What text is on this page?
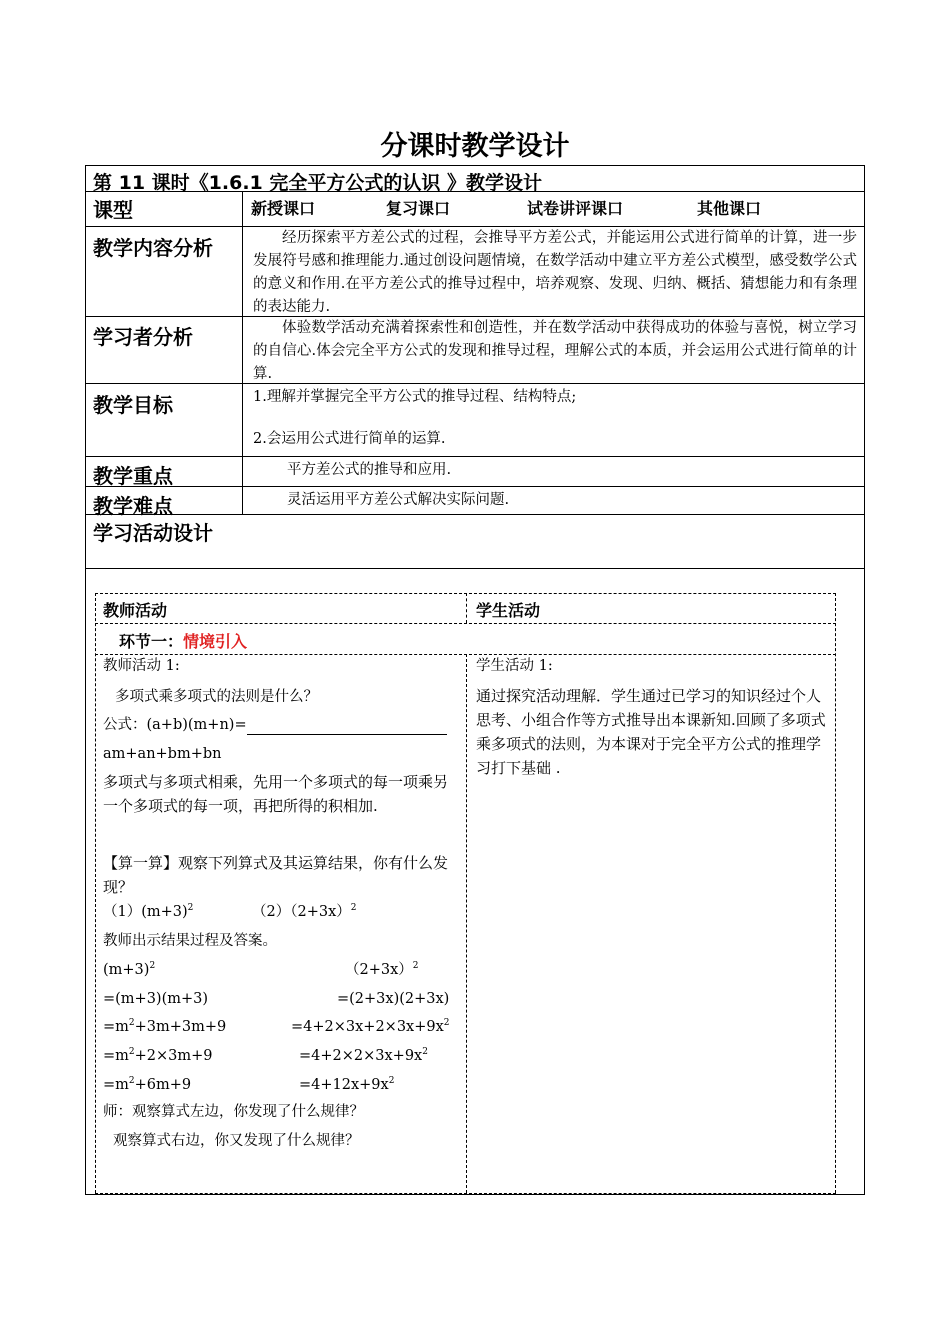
分课时教学设计
第 11 课时《1.6.1 完全平方公式的认识 》教学设计
课型	新授课口	复习课口	试卷讲评课口	其他课口
教学内容分析	经历探索平方差公式的过程，会推导平方差公式，并能运用公式进行简单的计算，进一步发展符号感和推理能力.通过创设问题情境，在数学活动中建立平方差公式模型，感受数学公式的意义和作用.在平方差公式的推导过程中，培养观察、发现、归纳、概括、猜想能力和有条理的表达能力.
学习者分析	体验数学活动充满着探索性和创造性，并在数学活动中获得成功的体验与喜悦，树立学习的自信心.体会完全平方公式的发现和推导过程，理解公式的本质，并会运用公式进行简单的计算.
教学目标	1.理解并掌握完全平方公式的推导过程、结构特点;
2.会运用公式进行简单的运算.
教学重点	平方差公式的推导和应用.
教学难点	灵活运用平方差公式解决实际问题.
学习活动设计
教师活动	学生活动
环节一：情境引入
教师活动 1:
多项式乘多项式的法则是什么？
公式：(a+b)(m+n)=
am+an+bm+bn
多项式与多项式相乘，先用一个多项式的每一项乘另一个多项式的每一项，再把所得的积相加.
【算一算】观察下列算式及其运算结果，你有什么发现？
$(1)(m+3)^2$	$(2)(2+3x)^2$
教师出示结果过程及答案。
$(m+3)^2$
=(m+3)(m+3)
$=m^2+3m+3m+9$
$=m^2+2\times 3m+9$
$=m^2+6m+9$
$(2+3x)^2$
=(2+3x)(2+3x)
$=4+2\times 3x+2\times 3x+9x^2$
$=4+2\times 2\times 3x+9x^2$
$=4+12x+9x^2$
师：观察算式左边，你发现了什么规律？
观察算式右边，你又发现了什么规律？
学生活动 1:
通过探究活动理解．学生通过已学习的知识经过个人思考、小组合作等方式推导出本课新知.回顾了多项式乘多项式的法则，为本课对于完全平方公式的推理学习打下基础 .
